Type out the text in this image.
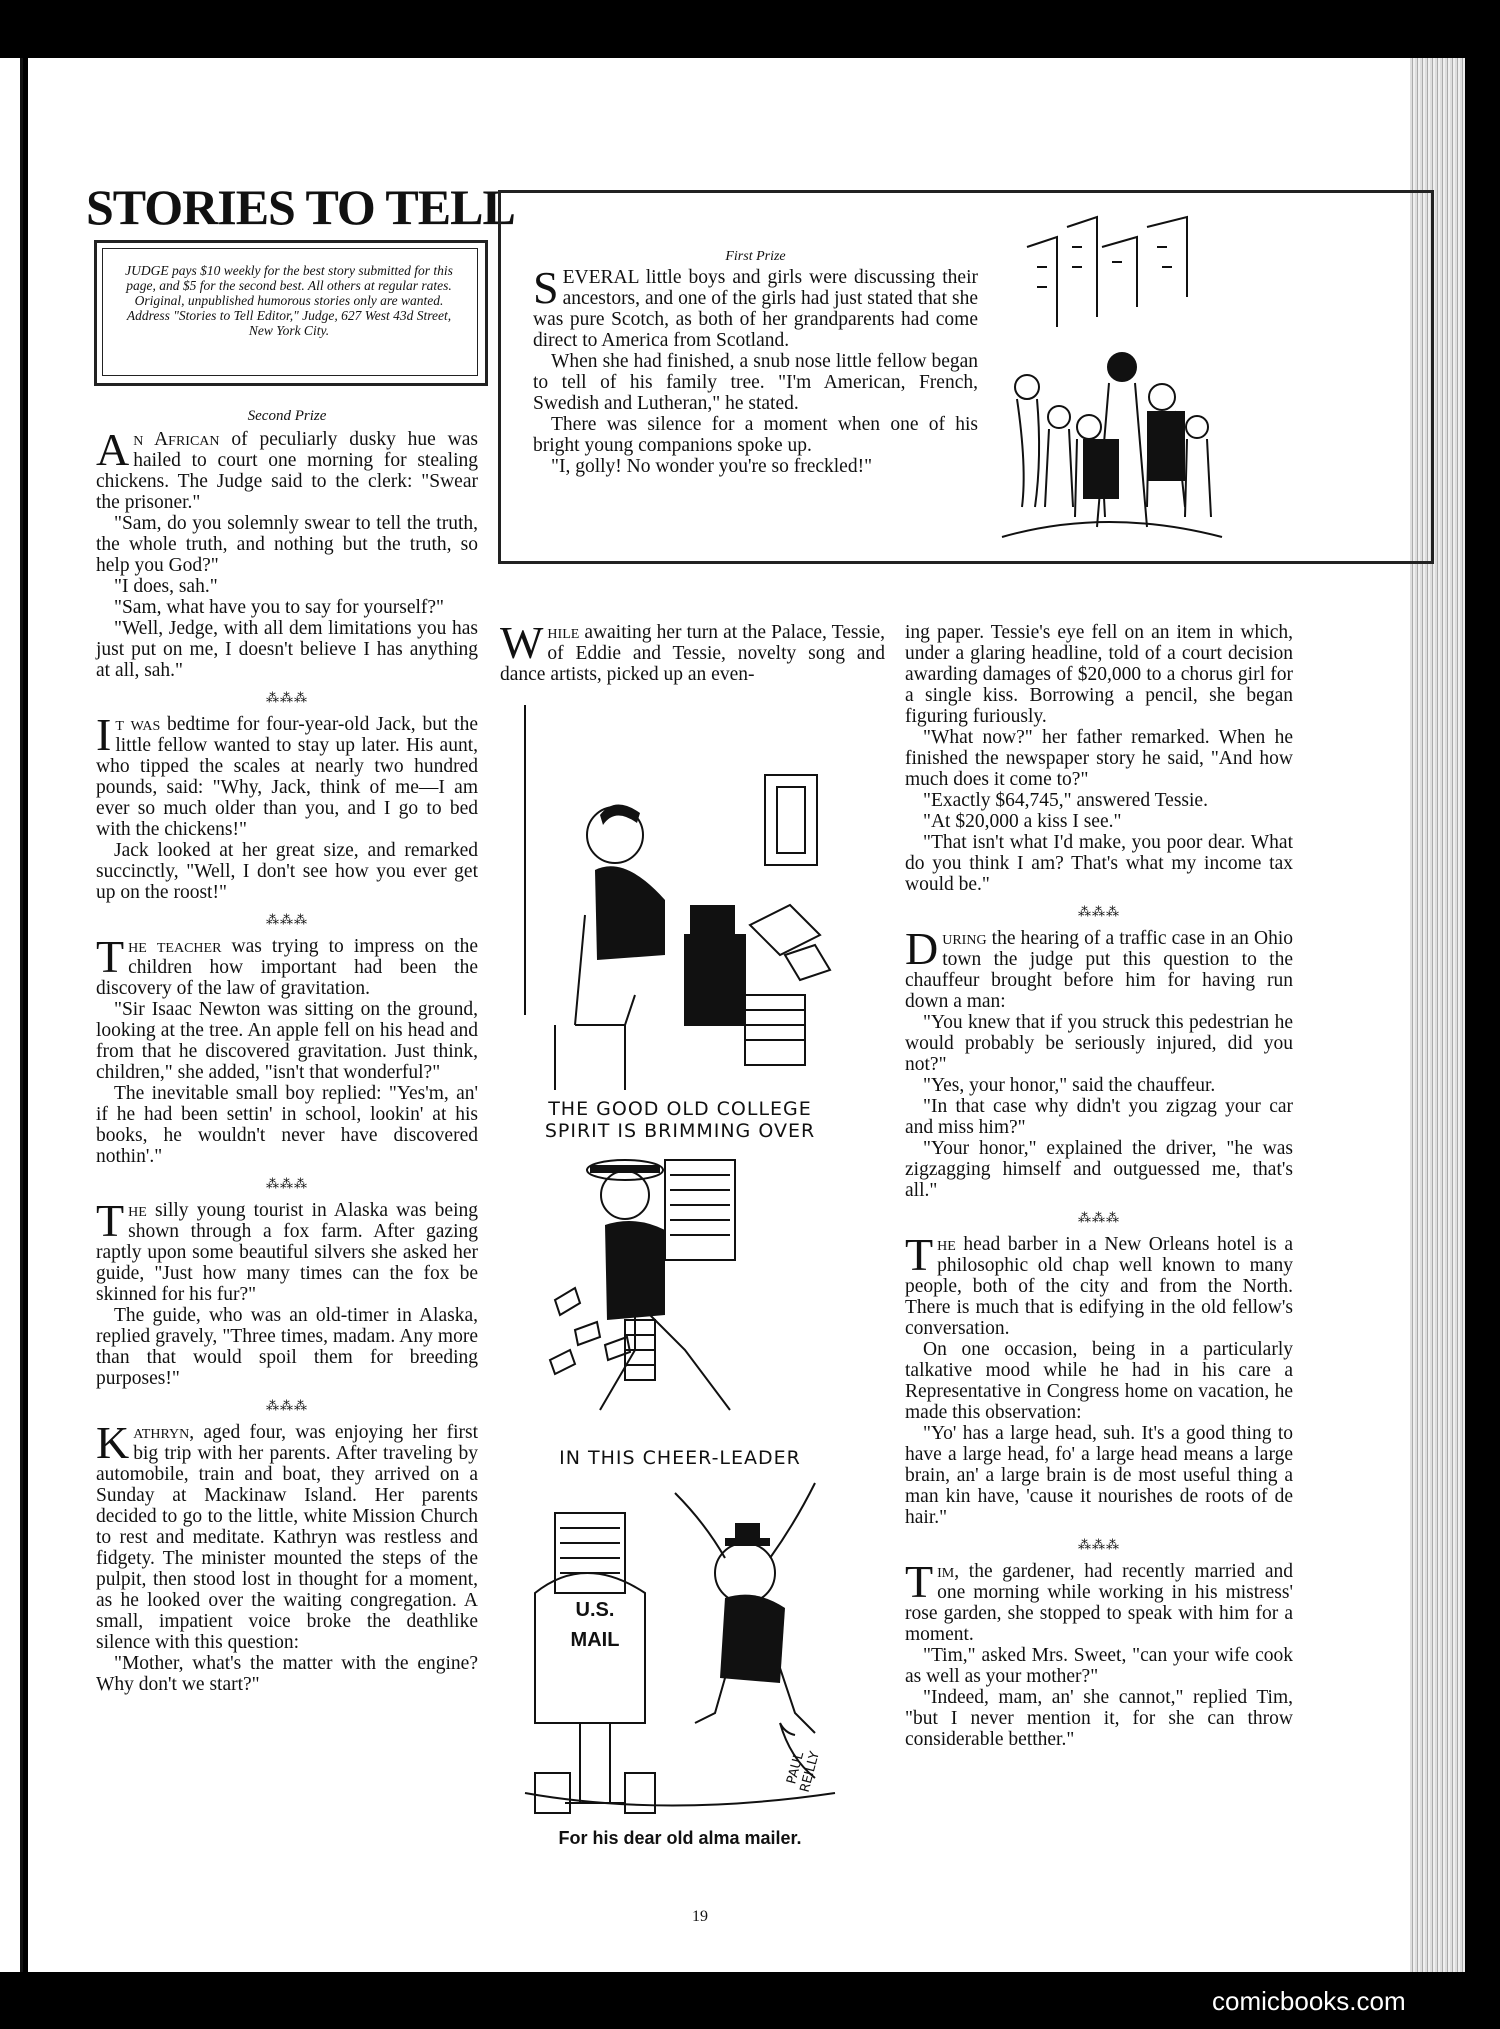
STORIES TO TELL
JUDGE pays $10 weekly for the best story submitted for this page, and $5 for the second best. All others at regular rates. Original, unpublished humorous stories only are wanted. Address "Stories to Tell Editor," Judge, 627 West 43d Street, New York City.
First Prize

SEVERAL little boys and girls were discussing their ancestors, and one of the girls had just stated that she was pure Scotch, as both of her grandparents had come direct to America from Scotland.

When she had finished, a snub nose little fellow began to tell of his family tree. "I'm American, French, Swedish and Lutheran," he stated.

There was silence for a moment when one of his bright young companions spoke up.

"I, golly! No wonder you're so freckled!"

Second Prize

An African of peculiarly dusky hue was hailed to court one morning for stealing chickens. The Judge said to the clerk: "Swear the prisoner."

"Sam, do you solemnly swear to tell the truth, the whole truth, and nothing but the truth, so help you God?"

"I does, sah."

"Sam, what have you to say for yourself?"

"Well, Jedge, with all dem limitations you has just put on me, I doesn't believe I has anything at all, sah."

⁂⁂⁂

It was bedtime for four-year-old Jack, but the little fellow wanted to stay up later. His aunt, who tipped the scales at nearly two hundred pounds, said: "Why, Jack, think of me—I am ever so much older than you, and I go to bed with the chickens!"

Jack looked at her great size, and remarked succinctly, "Well, I don't see how you ever get up on the roost!"

⁂⁂⁂

The teacher was trying to impress on the children how important had been the discovery of the law of gravitation.

"Sir Isaac Newton was sitting on the ground, looking at the tree. An apple fell on his head and from that he discovered gravitation. Just think, children," she added, "isn't that wonderful?"

The inevitable small boy replied: "Yes'm, an' if he had been settin' in school, lookin' at his books, he wouldn't never have discovered nothin'."

⁂⁂⁂

The silly young tourist in Alaska was being shown through a fox farm. After gazing raptly upon some beautiful silvers she asked her guide, "Just how many times can the fox be skinned for his fur?"

The guide, who was an old-timer in Alaska, replied gravely, "Three times, madam. Any more than that would spoil them for breeding purposes!"

⁂⁂⁂

Kathryn, aged four, was enjoying her first big trip with her parents. After traveling by automobile, train and boat, they arrived on a Sunday at Mackinaw Island. Her parents decided to go to the little, white Mission Church to rest and meditate. Kathryn was restless and fidgety. The minister mounted the steps of the pulpit, then stood lost in thought for a moment, as he looked over the waiting congregation. A small, impatient voice broke the deathlike silence with this question:

"Mother, what's the matter with the engine? Why don't we start?"

While awaiting her turn at the Palace, Tessie, of Eddie and Tessie, novelty song and dance artists, picked up an even-

THE GOOD OLD COLLEGE SPIRIT IS BRIMMING OVER
IN THIS CHEER-LEADER
U.S. MAIL
PAUL REILLY
For his dear old alma mailer.

ing paper. Tessie's eye fell on an item in which, under a glaring headline, told of a court decision awarding damages of $20,000 to a chorus girl for a single kiss. Borrowing a pencil, she began figuring furiously.

"What now?" her father remarked. When he finished the newspaper story he said, "And how much does it come to?"

"Exactly $64,745," answered Tessie.

"At $20,000 a kiss I see."

"That isn't what I'd make, you poor dear. What do you think I am? That's what my income tax would be."

⁂⁂⁂

During the hearing of a traffic case in an Ohio town the judge put this question to the chauffeur brought before him for having run down a man:

"You knew that if you struck this pedestrian he would probably be seriously injured, did you not?"

"Yes, your honor," said the chauffeur.

"In that case why didn't you zigzag your car and miss him?"

"Your honor," explained the driver, "he was zigzagging himself and outguessed me, that's all."

⁂⁂⁂

The head barber in a New Orleans hotel is a philosophic old chap well known to many people, both of the city and from the North. There is much that is edifying in the old fellow's conversation.

On one occasion, being in a particularly talkative mood while he had in his care a Representative in Congress home on vacation, he made this observation:

"Yo' has a large head, suh. It's a good thing to have a large head, fo' a large head means a large brain, an' a large brain is de most useful thing a man kin have, 'cause it nourishes de roots of de hair."

⁂⁂⁂

Tim, the gardener, had recently married and one morning while working in his mistress' rose garden, she stopped to speak with him for a moment.

"Tim," asked Mrs. Sweet, "can your wife cook as well as your mother?"

"Indeed, mam, an' she cannot," replied Tim, "but I never mention it, for she can throw considerable betther."

19
comicbooks.com
